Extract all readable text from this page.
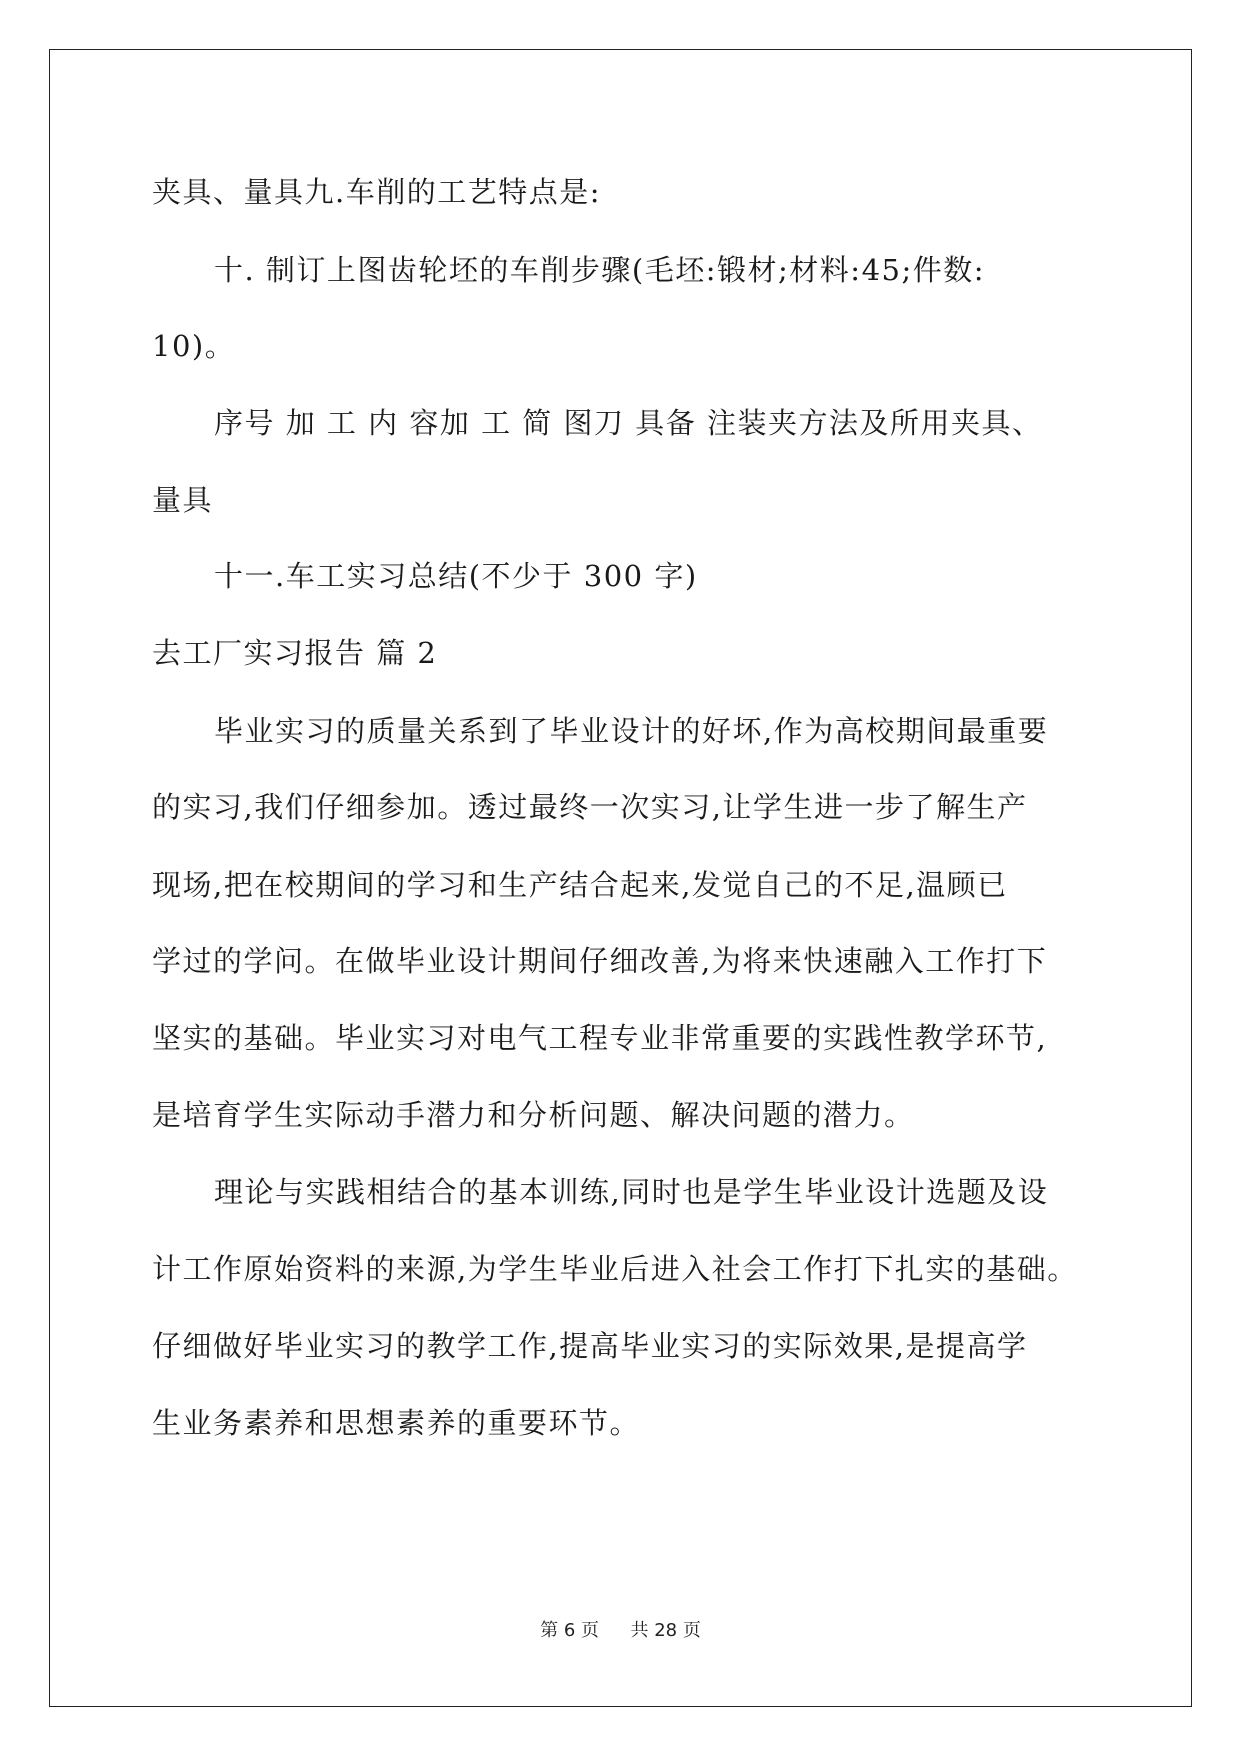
夹具、量具九.车削的工艺特点是:
十. 制订上图齿轮坯的车削步骤(毛坯:锻材;材料:45;件数:
10)。
序号 加 工 内 容加 工 简 图刀 具备 注装夹方法及所用夹具、
量具
十一.车工实习总结(不少于 300 字)
去工厂实习报告 篇 2
毕业实习的质量关系到了毕业设计的好坏,作为高校期间最重要
的实习,我们仔细参加。透过最终一次实习,让学生进一步了解生产
现场,把在校期间的学习和生产结合起来,发觉自己的不足,温顾已
学过的学问。在做毕业设计期间仔细改善,为将来快速融入工作打下
坚实的基础。毕业实习对电气工程专业非常重要的实践性教学环节,
是培育学生实际动手潜力和分析问题、解决问题的潜力。
理论与实践相结合的基本训练,同时也是学生毕业设计选题及设
计工作原始资料的来源,为学生毕业后进入社会工作打下扎实的基础。
仔细做好毕业实习的教学工作,提高毕业实习的实际效果,是提高学
生业务素养和思想素养的重要环节。
第 6 页 共 28 页
